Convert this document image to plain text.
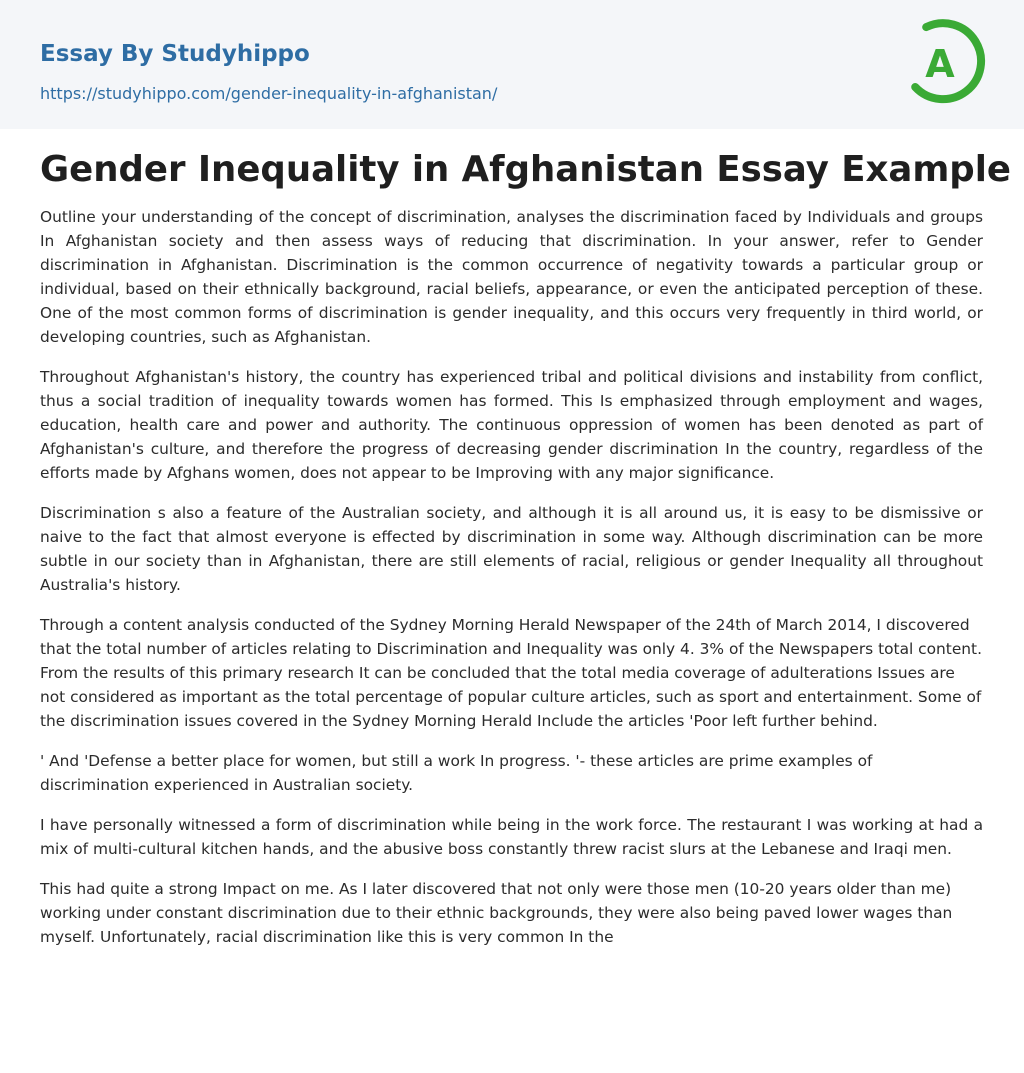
Essay By Studyhippo
https://studyhippo.com/gender-inequality-in-afghanistan/
A
Gender Inequality in Afghanistan Essay Example

Outline your understanding of the concept of discrimination, analyses the discrimination faced by Individuals and groups In Afghanistan society and then assess ways of reducing that discrimination. In your answer, refer to Gender discrimination in Afghanistan. Discrimination is the common occurrence of negativity towards a particular group or individual, based on their ethnically background, racial beliefs, appearance, or even the anticipated perception of these. One of the most common forms of discrimination is gender inequality, and this occurs very frequently in third world, or developing countries, such as Afghanistan.

Throughout Afghanistan's history, the country has experienced tribal and political divisions and instability from conflict, thus a social tradition of inequality towards women has formed. This Is emphasized through employment and wages, education, health care and power and authority. The continuous oppression of women has been denoted as part of Afghanistan's culture, and therefore the progress of decreasing gender discrimination In the country, regardless of the efforts made by Afghans women, does not appear to be Improving with any major significance.

Discrimination s also a feature of the Australian society, and although it is all around us, it is easy to be dismissive or naive to the fact that almost everyone is effected by discrimination in some way. Although discrimination can be more subtle in our society than in Afghanistan, there are still elements of racial, religious or gender Inequality all throughout Australia's history.

Through a content analysis conducted of the Sydney Morning Herald Newspaper of the 24th of March 2014, I discovered that the total number of articles relating to Discrimination and Inequality was only 4. 3% of the Newspapers total content. From the results of this primary research It can be concluded that the total media coverage of adulterations Issues are not considered as important as the total percentage of popular culture articles, such as sport and entertainment. Some of the discrimination issues covered in the Sydney Morning Herald Include the articles 'Poor left further behind.

' And 'Defense a better place for women, but still a work In progress. '- these articles are prime examples of discrimination experienced in Australian society.

I have personally witnessed a form of discrimination while being in the work force. The restaurant I was working at had a mix of multi-cultural kitchen hands, and the abusive boss constantly threw racist slurs at the Lebanese and Iraqi men.

This had quite a strong Impact on me. As I later discovered that not only were those men (10-20 years older than me) working under constant discrimination due to their ethnic backgrounds, they were also being paved lower wages than myself. Unfortunately, racial discrimination like this is very common In the
